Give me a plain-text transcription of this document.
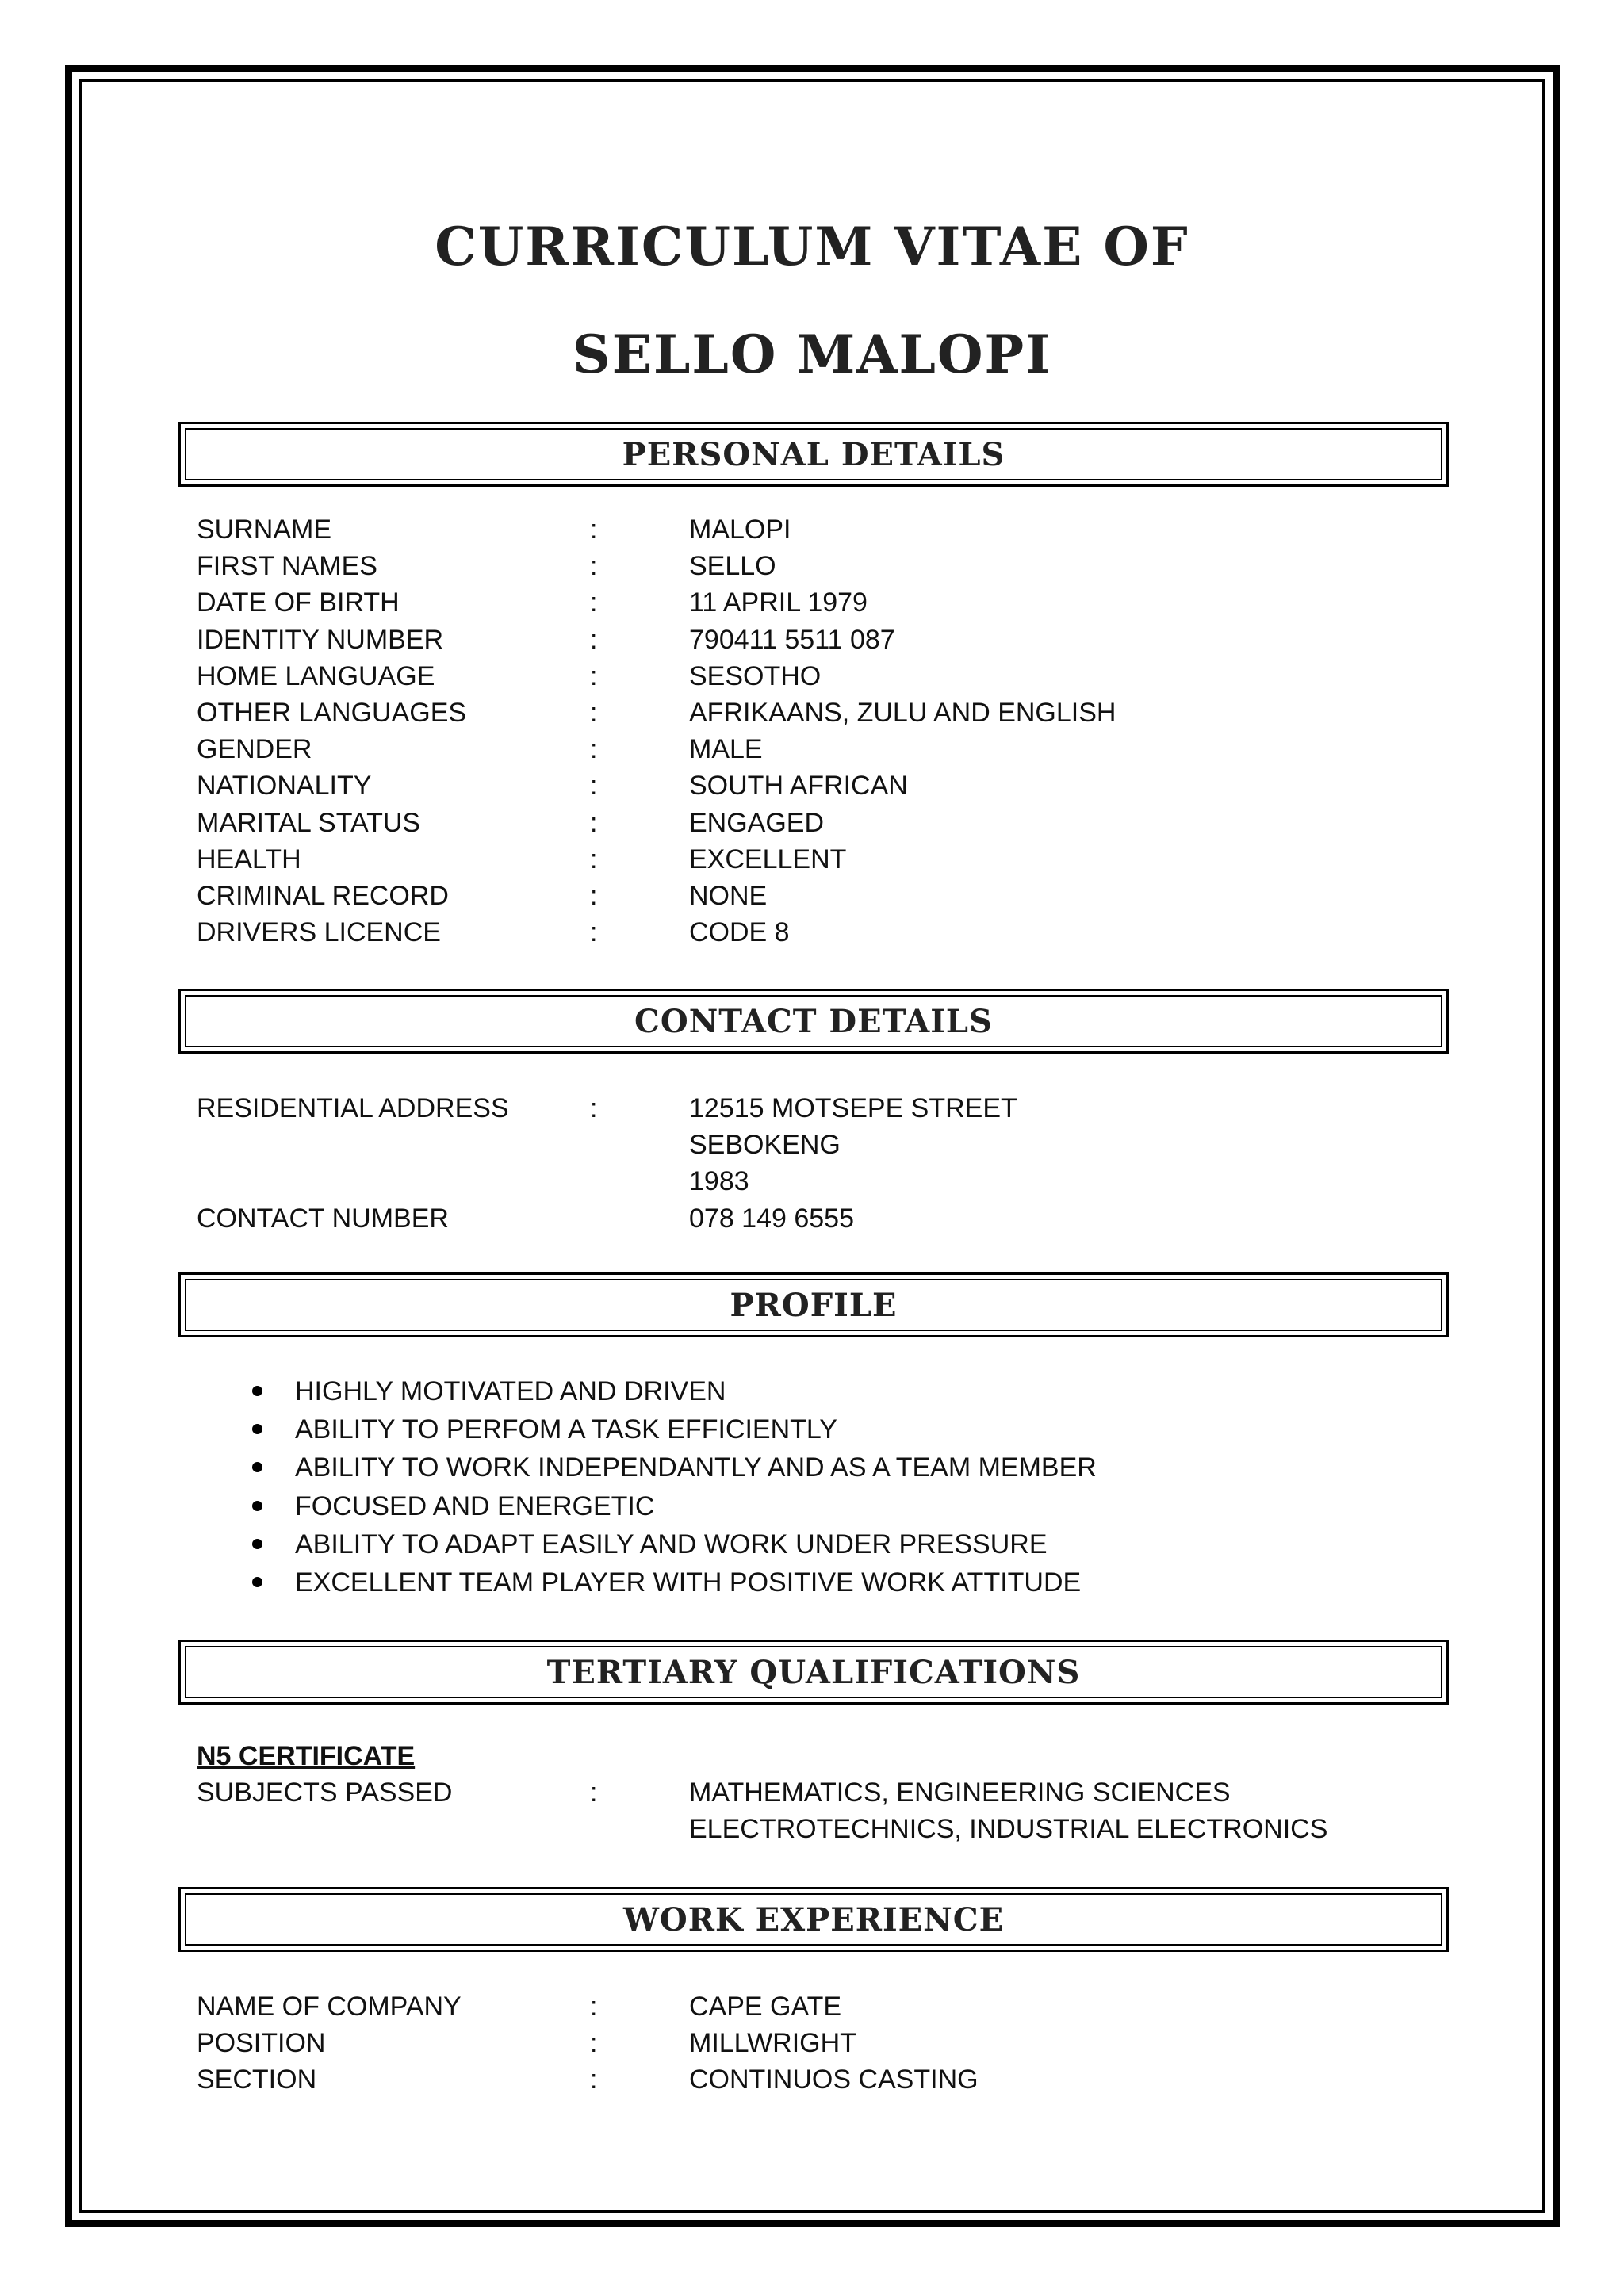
CURRICULUM VITAE OF
SELLO MALOPI
PERSONAL DETAILS
SURNAME	:	MALOPI
FIRST NAMES	:	SELLO
DATE OF BIRTH	:	11 APRIL 1979
IDENTITY NUMBER	:	790411 5511 087
HOME LANGUAGE	:	SESOTHO
OTHER LANGUAGES	:	AFRIKAANS, ZULU AND ENGLISH
GENDER	:	MALE
NATIONALITY	:	SOUTH AFRICAN
MARITAL STATUS	:	ENGAGED
HEALTH	:	EXCELLENT
CRIMINAL RECORD	:	NONE
DRIVERS LICENCE	:	CODE 8
CONTACT DETAILS
RESIDENTIAL ADDRESS	:	12515 MOTSEPE STREET
SEBOKENG
1983
CONTACT NUMBER	078 149 6555
PROFILE
HIGHLY MOTIVATED AND DRIVEN
ABILITY TO PERFOM A TASK EFFICIENTLY
ABILITY TO WORK INDEPENDANTLY AND AS A TEAM MEMBER
FOCUSED AND ENERGETIC
ABILITY TO ADAPT EASILY AND WORK UNDER PRESSURE
EXCELLENT TEAM PLAYER WITH POSITIVE WORK ATTITUDE
TERTIARY QUALIFICATIONS
N5 CERTIFICATE
SUBJECTS PASSED	:	MATHEMATICS, ENGINEERING SCIENCES
ELECTROTECHNICS, INDUSTRIAL ELECTRONICS
WORK EXPERIENCE
NAME OF COMPANY	:	CAPE GATE
POSITION	:	MILLWRIGHT
SECTION	:	CONTINUOS CASTING
